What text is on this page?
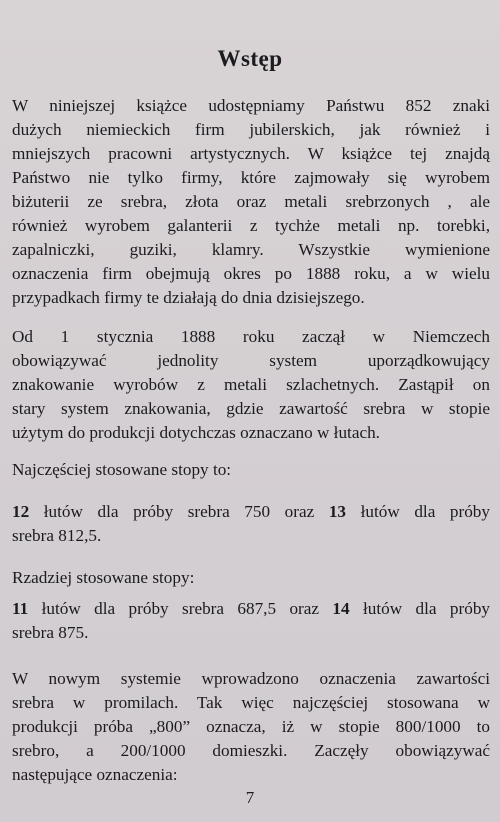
Wstęp
W niniejszej książce udostępniamy Państwu 852 znaki
dużych niemieckich firm jubilerskich, jak również i
mniejszych pracowni artystycznych. W książce tej znajdą
Państwo nie tylko firmy, które zajmowały się wyrobem
biżuterii ze srebra, złota oraz metali srebrzonych , ale
również wyrobem galanterii z tychże metali np. torebki,
zapalniczki, guziki, klamry. Wszystkie wymienione
oznaczenia firm obejmują okres po 1888 roku, a w wielu
przypadkach firmy te działają do dnia dzisiejszego.
Od 1 stycznia 1888 roku zaczął w Niemczech
obowiązywać jednolity system uporządkowujący
znakowanie wyrobów z metali szlachetnych. Zastąpił on
stary system znakowania, gdzie zawartość srebra w stopie
użytym do produkcji dotychczas oznaczano w łutach.
Najczęściej stosowane stopy to:
12 łutów dla próby srebra 750 oraz 13 łutów dla próby
srebra 812,5.
Rzadziej stosowane stopy:
11 łutów dla próby srebra 687,5 oraz 14 łutów dla próby
srebra 875.
W nowym systemie wprowadzono oznaczenia zawartości
srebra w promilach. Tak więc najczęściej stosowana w
produkcji próba „800” oznacza, iż w stopie 800/1000 to
srebro, a 200/1000 domieszki. Zaczęły obowiązywać
następujące oznaczenia:
7
